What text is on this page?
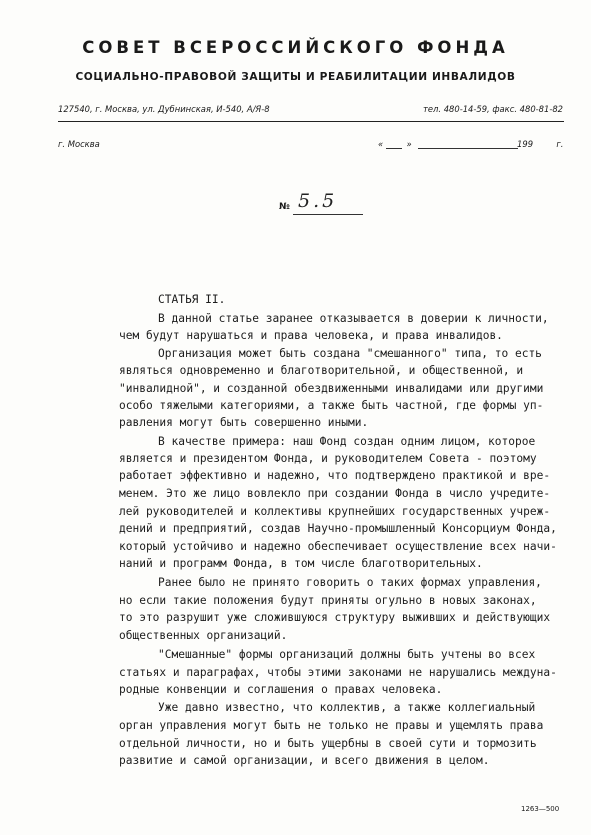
СОВЕТ ВСЕРОССИЙСКОГО ФОНДА
СОЦИАЛЬНО-ПРАВОВОЙ ЗАЩИТЫ И РЕАБИЛИТАЦИИ ИНВАЛИДОВ
127540, г. Москва, ул. Дубнинская, И-540, А/Я-8	тел. 480-14-59, факс. 480-81-82
г. Москва	«	»	199	г.
№ 5.5
СТАТЬЯ II.
В данной статье заранее отказывается в доверии к личности,
чем будут нарушаться и права человека, и права инвалидов.
Организация может быть создана "смешанного" типа, то есть
являться одновременно и благотворительной, и общественной, и
"инвалидной", и созданной обездвиженными инвалидами или другими
особо тяжелыми категориями, а также быть частной, где формы уп-
равления могут быть совершенно иными.
В качестве примера: наш Фонд создан одним лицом, которое
является и президентом Фонда, и руководителем Совета - поэтому
работает эффективно и надежно, что подтверждено практикой и вре-
менем. Это же лицо вовлекло при создании Фонда в число учредите-
лей руководителей и коллективы крупнейших государственных учреж-
дений и предприятий, создав Научно-промышленный Консорциум Фонда,
который устойчиво и надежно обеспечивает осуществление всех начи-
наний и программ Фонда, в том числе благотворительных.
Ранее было не принято говорить о таких формах управления,
но если такие положения будут приняты огульно в новых законах,
то это разрушит уже сложившуюся структуру выживших и действующих
общественных организаций.
"Смешанные" формы организаций должны быть учтены во всех
статьях и параграфах, чтобы этими законами не нарушались междуна-
родные конвенции и соглашения о правах человека.
Уже давно известно, что коллектив, а также коллегиальный
орган управления могут быть не только не правы и ущемлять права
отдельной личности, но и быть ущербны в своей сути и тормозить
развитие и самой организации, и всего движения в целом.
1263—500
